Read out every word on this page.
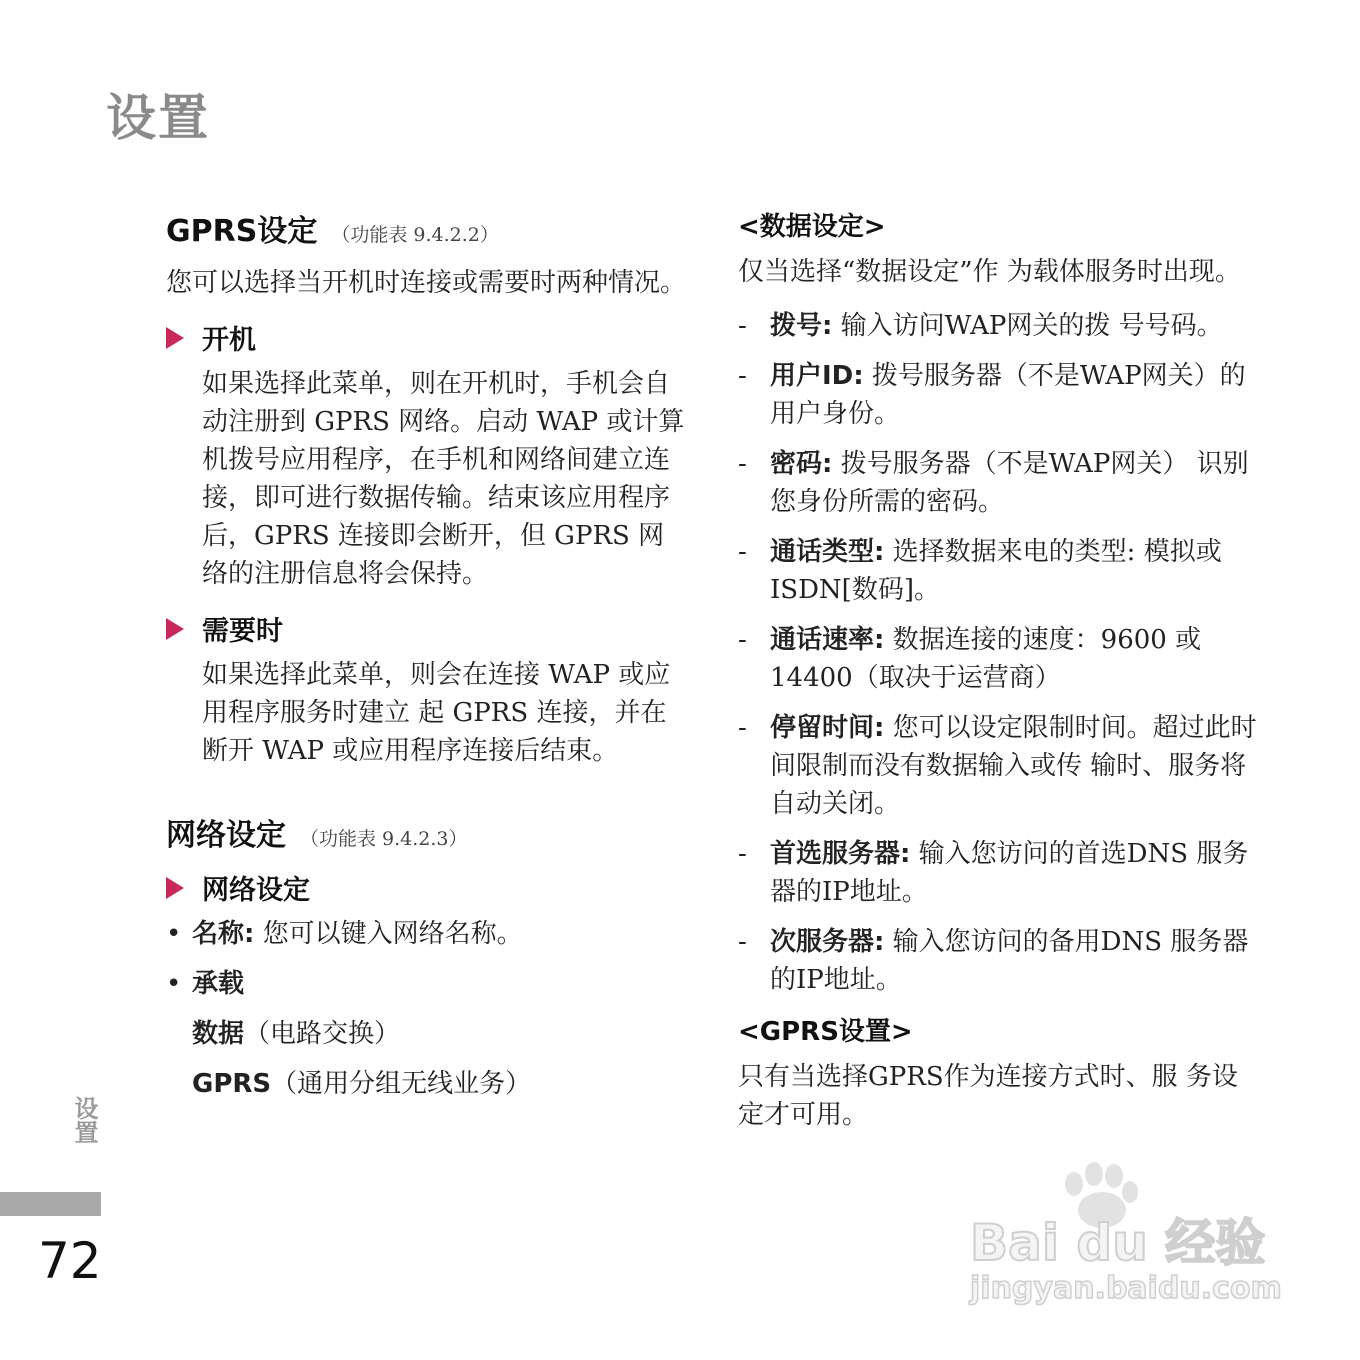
设置
GPRS设定 （功能表 9.4.2.2）

您可以选择当开机时连接或需要时两种情况。

开机

如果选择此菜单，则在开机时，手机会自动注册到 GPRS 网络。启动 WAP 或计算机拨号应用程序，在手机和网络间建立连接，即可进行数据传输。结束该应用程序后，GPRS 连接即会断开，但 GPRS 网络的注册信息将会保持。

需要时

如果选择此菜单，则会在连接 WAP 或应用程序服务时建立 起 GPRS 连接，并在断开 WAP 或应用程序连接后结束。

网络设定 （功能表 9.4.2.3）
网络设定
• 名称: 您可以键入网络名称。
• 承载
数据（电路交换）
GPRS（通用分组无线业务）
<数据设定>

仅当选择“数据设定”作 为载体服务时出现。

- 拨号: 输入访问WAP网关的拨 号号码。
- 用户ID: 拨号服务器（不是WAP网关）的用户身份。
- 密码: 拨号服务器（不是WAP网关） 识别您身份所需的密码。
- 通话类型: 选择数据来电的类型: 模拟或ISDN[数码]。
- 通话速率: 数据连接的速度：9600 或 14400（取决于运营商）
- 停留时间: 您可以设定限制时间。超过此时间限制而没有数据输入或传 输时、服务将自动关闭。
- 首选服务器: 输入您访问的首选DNS 服务器的IP地址。
- 次服务器: 输入您访问的备用DNS 服务器的IP地址。
<GPRS设置>

只有当选择GPRS作为连接方式时、服 务设定才可用。

设置
72	Bai du 经验
jingyan.baidu.com
